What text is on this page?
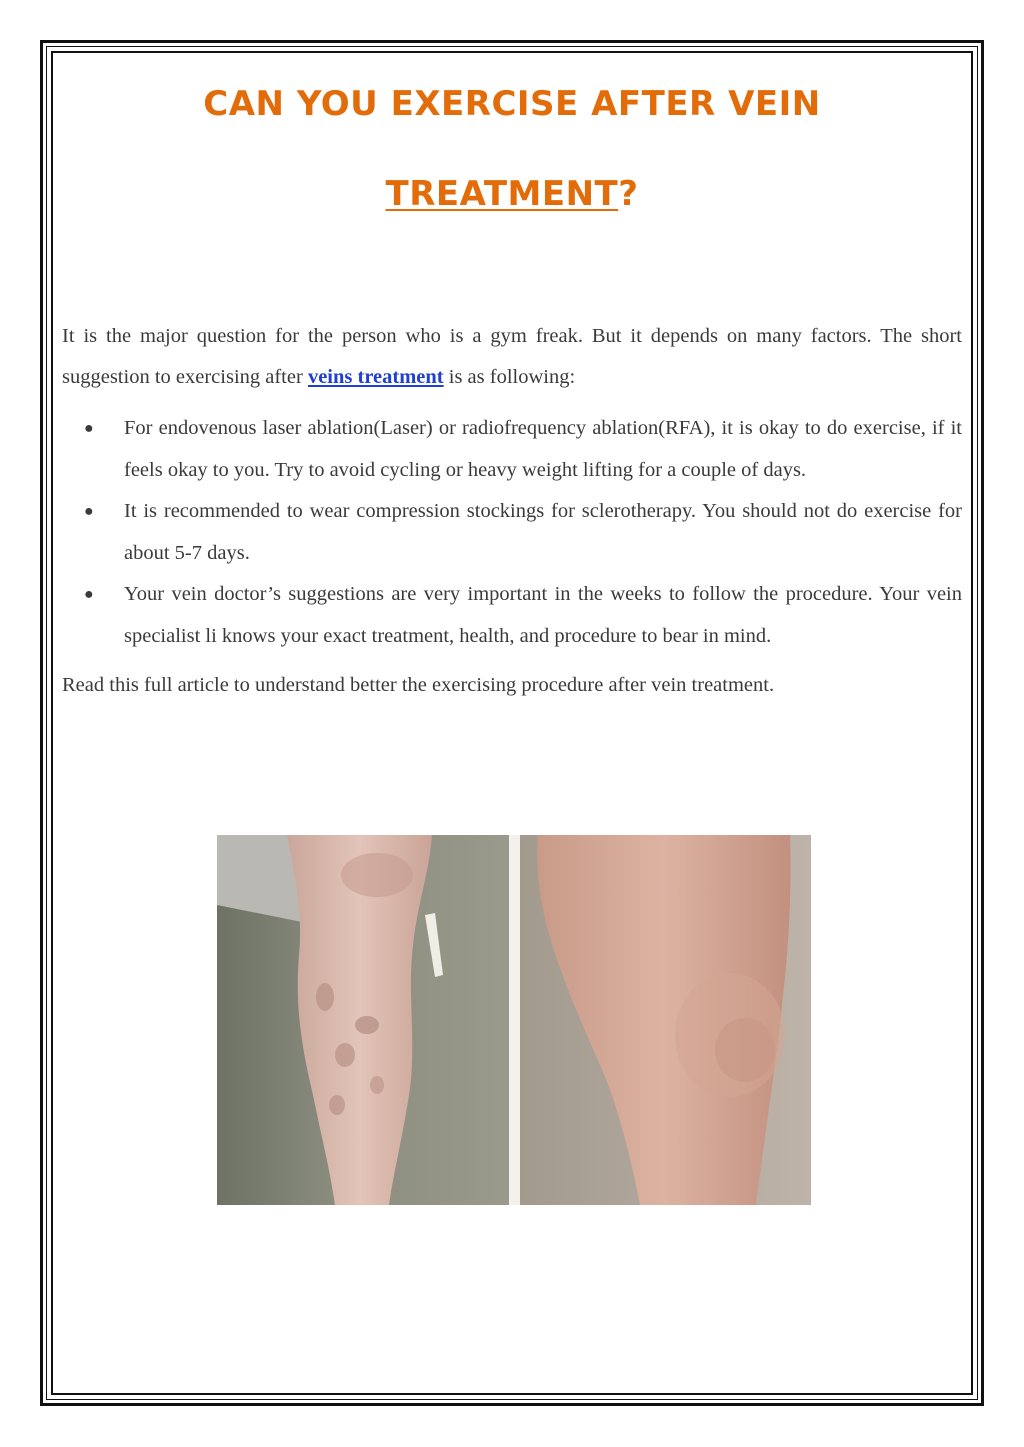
CAN YOU EXERCISE AFTER VEIN
TREATMENT?

It is the major question for the person who is a gym freak. But it depends on many factors. The short suggestion to exercising after veins treatment is as following:

● For endovenous laser ablation(Laser) or radiofrequency ablation(RFA), it is okay to do exercise, if it feels okay to you. Try to avoid cycling or heavy weight lifting for a couple of days.
● It is recommended to wear compression stockings for sclerotherapy. You should not do exercise for about 5-7 days.
● Your vein doctor’s suggestions are very important in the weeks to follow the procedure. Your vein specialist li knows your exact treatment, health, and procedure to bear in mind.

Read this full article to understand better the exercising procedure after vein treatment.
